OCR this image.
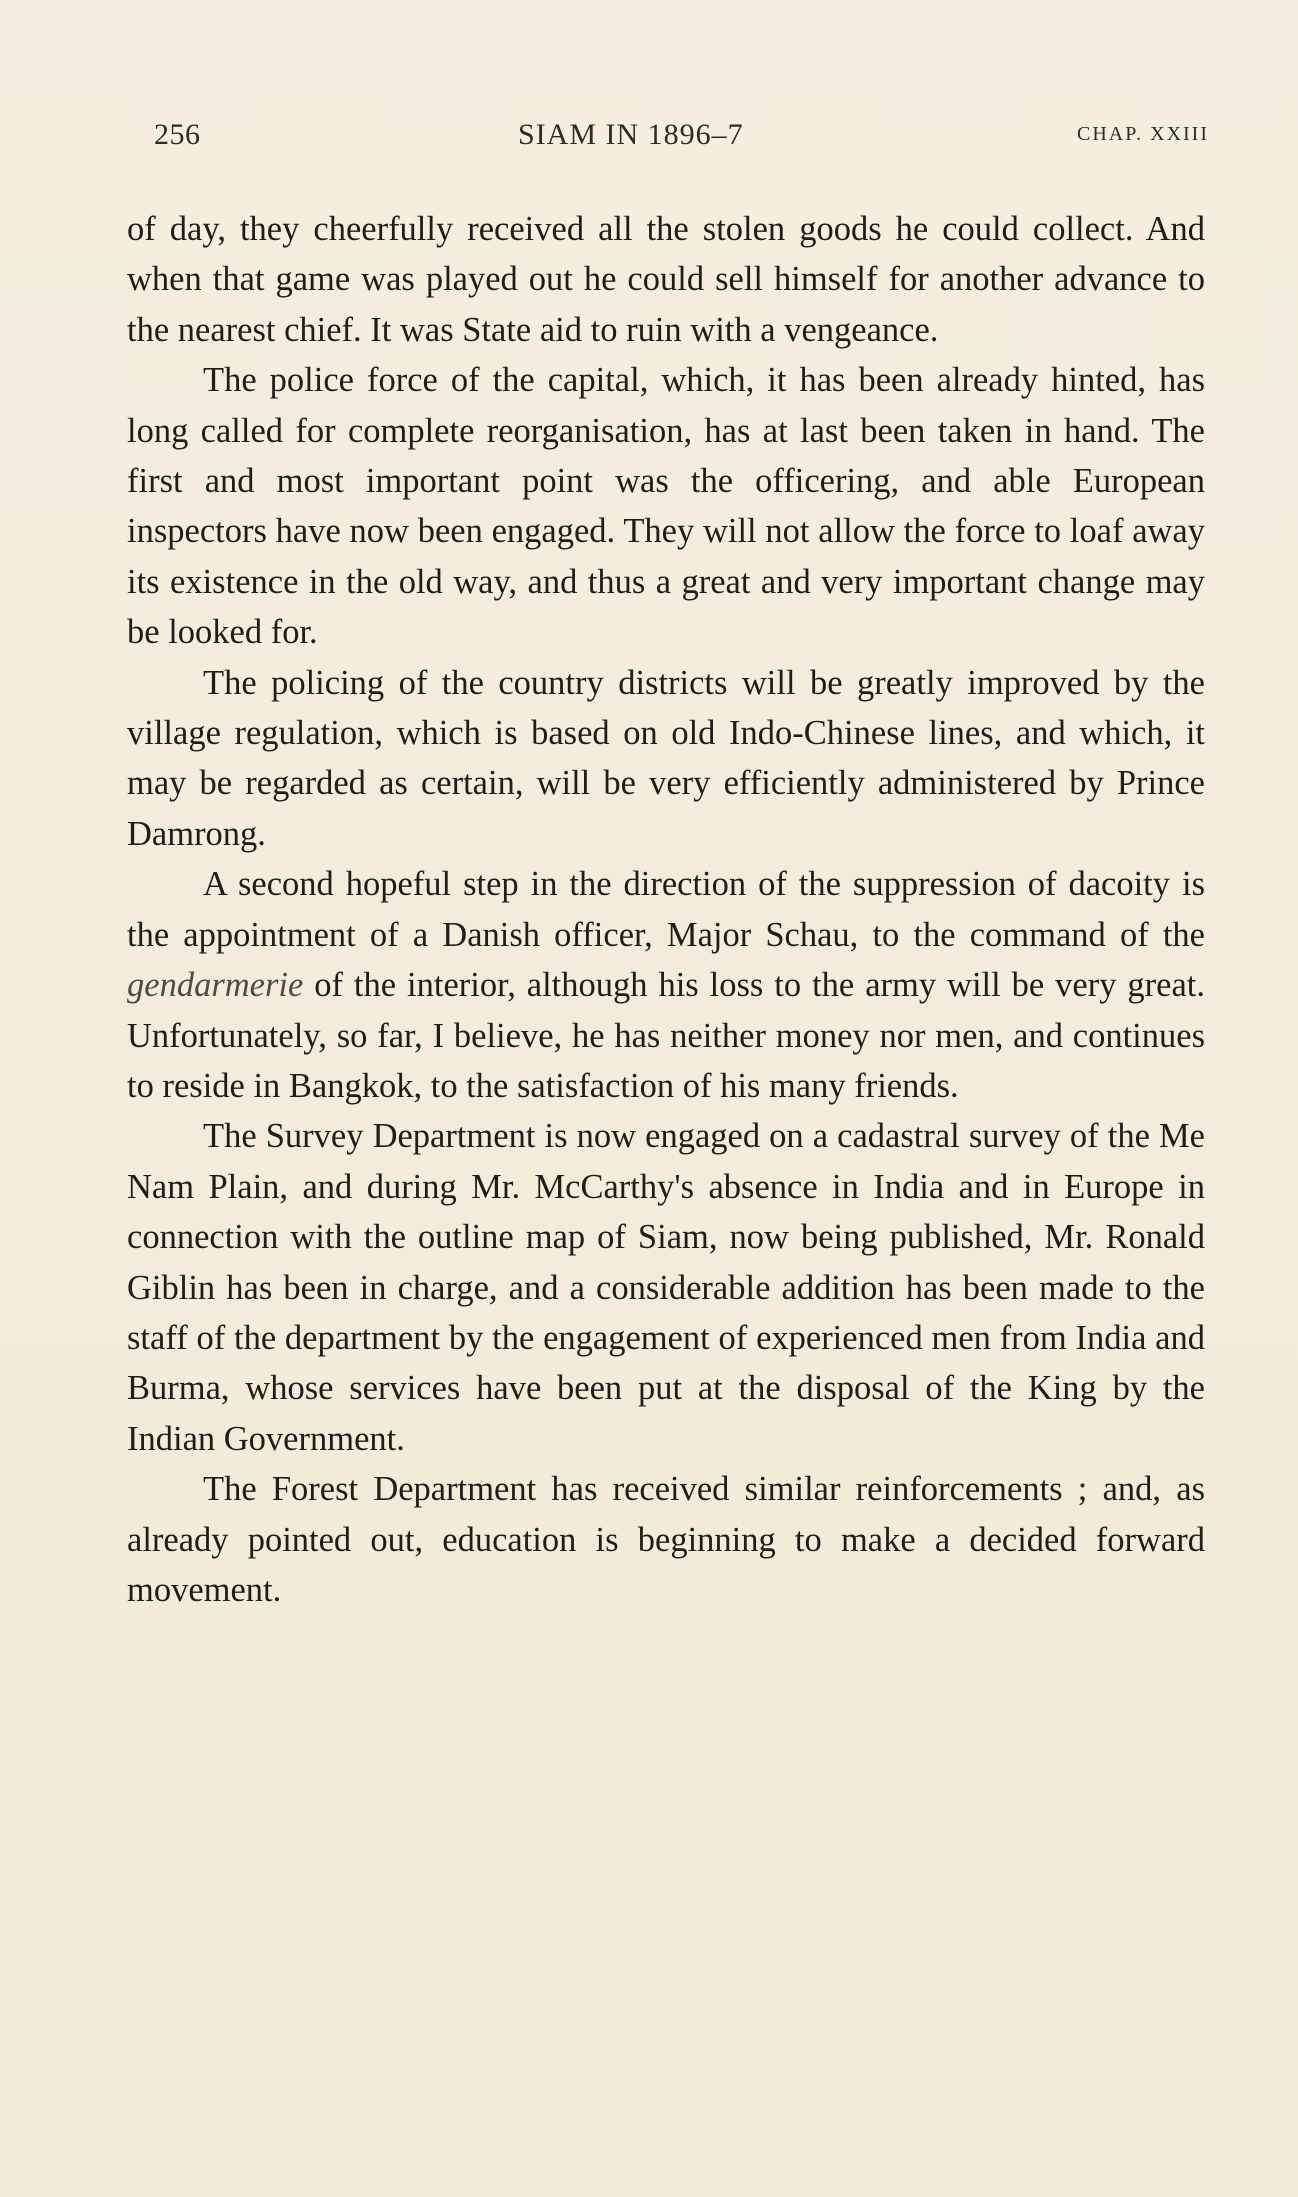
256	SIAM IN 1896–7	CHAP. XXIII

of day, they cheerfully received all the stolen goods he could collect. And when that game was played out he could sell himself for another advance to the nearest chief. It was State aid to ruin with a vengeance.

The police force of the capital, which, it has been already hinted, has long called for complete reorganisation, has at last been taken in hand. The first and most important point was the officering, and able European inspectors have now been engaged. They will not allow the force to loaf away its existence in the old way, and thus a great and very important change may be looked for.

The policing of the country districts will be greatly improved by the village regulation, which is based on old Indo-Chinese lines, and which, it may be regarded as certain, will be very efficiently administered by Prince Damrong.

A second hopeful step in the direction of the suppression of dacoity is the appointment of a Danish officer, Major Schau, to the command of the gendarmerie of the interior, although his loss to the army will be very great. Unfortunately, so far, I believe, he has neither money nor men, and continues to reside in Bangkok, to the satisfaction of his many friends.

The Survey Department is now engaged on a cadastral survey of the Me Nam Plain, and during Mr. McCarthy's absence in India and in Europe in connection with the outline map of Siam, now being published, Mr. Ronald Giblin has been in charge, and a considerable addition has been made to the staff of the department by the engagement of experienced men from India and Burma, whose services have been put at the disposal of the King by the Indian Government.

The Forest Department has received similar reinforcements ; and, as already pointed out, education is beginning to make a decided forward movement.
